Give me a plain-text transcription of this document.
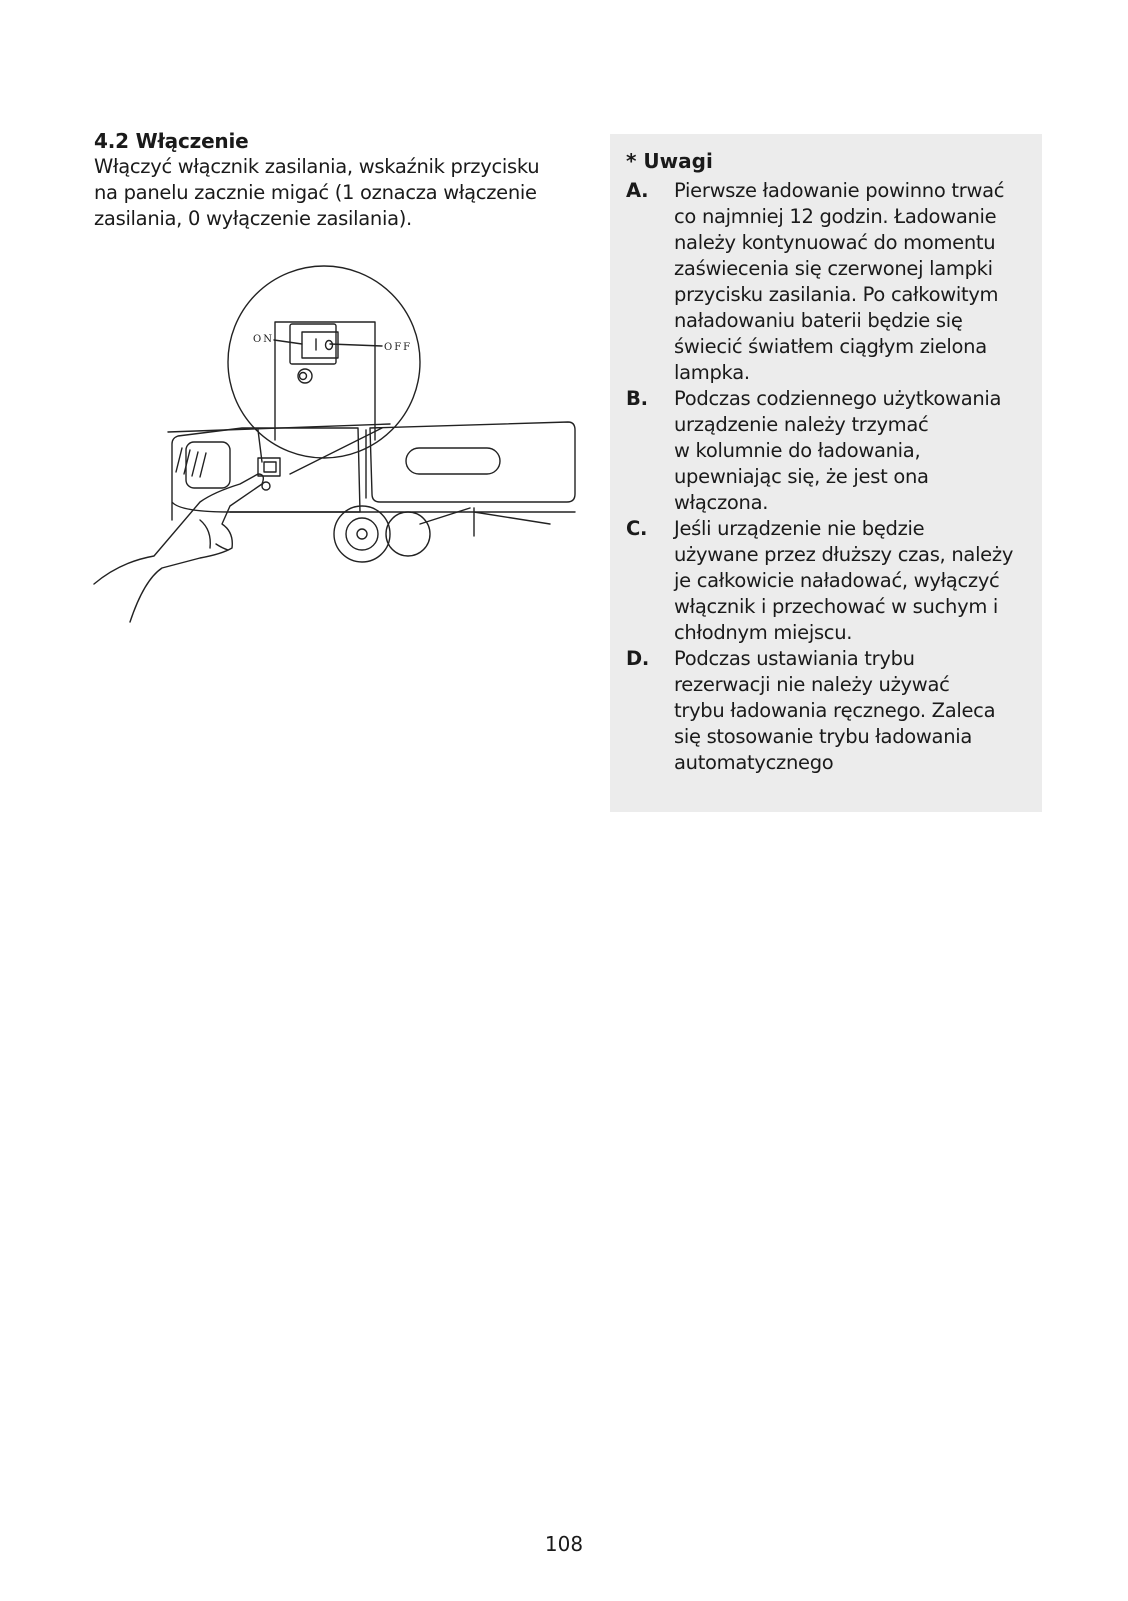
4.2 Włączenie

Włączyć włącznik zasilania, wskaźnik przycisku
na panelu zacznie migać (1 oznacza włączenie
zasilania, 0 wyłączenie zasilania).

ON
OFF

* Uwagi

A.	Pierwsze ładowanie powinno trwać
co najmniej 12 godzin. Ładowanie
należy kontynuować do momentu
zaświecenia się czerwonej lampki
przycisku zasilania. Po całkowitym
naładowaniu baterii będzie się
świecić światłem ciągłym zielona
lampka.
B.	Podczas codziennego użytkowania
urządzenie należy trzymać
w kolumnie do ładowania,
upewniając się, że jest ona
włączona.
C.	Jeśli urządzenie nie będzie
używane przez dłuższy czas, należy
je całkowicie naładować, wyłączyć
włącznik i przechować w suchym i
chłodnym miejscu.
D.	Podczas ustawiania trybu
rezerwacji nie należy używać
trybu ładowania ręcznego. Zaleca
się stosowanie trybu ładowania
automatycznego
108
